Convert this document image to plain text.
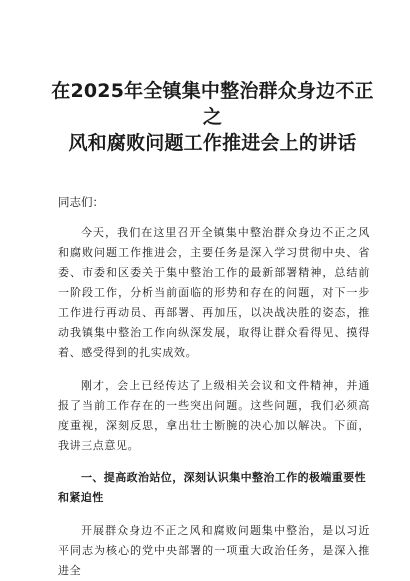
在2025年全镇集中整治群众身边不正之
风和腐败问题工作推进会上的讲话

同志们：

今天，我们在这里召开全镇集中整治群众身边不正之风和腐败问题工作推进会，主要任务是深入学习贯彻中央、省委、市委和区委关于集中整治工作的最新部署精神，总结前一阶段工作，分析当前面临的形势和存在的问题，对下一步工作进行再动员、再部署、再加压，以决战决胜的姿态，推动我镇集中整治工作向纵深发展，取得让群众看得见、摸得着、感受得到的扎实成效。

刚才，会上已经传达了上级相关会议和文件精神，并通报了当前工作存在的一些突出问题。这些问题，我们必须高度重视，深刻反思，拿出壮士断腕的决心加以解决。下面，我讲三点意见。

一、提高政治站位，深刻认识集中整治工作的极端重要性和紧迫性

开展群众身边不正之风和腐败问题集中整治，是以习近平同志为核心的党中央部署的一项重大政治任务，是深入推进全
